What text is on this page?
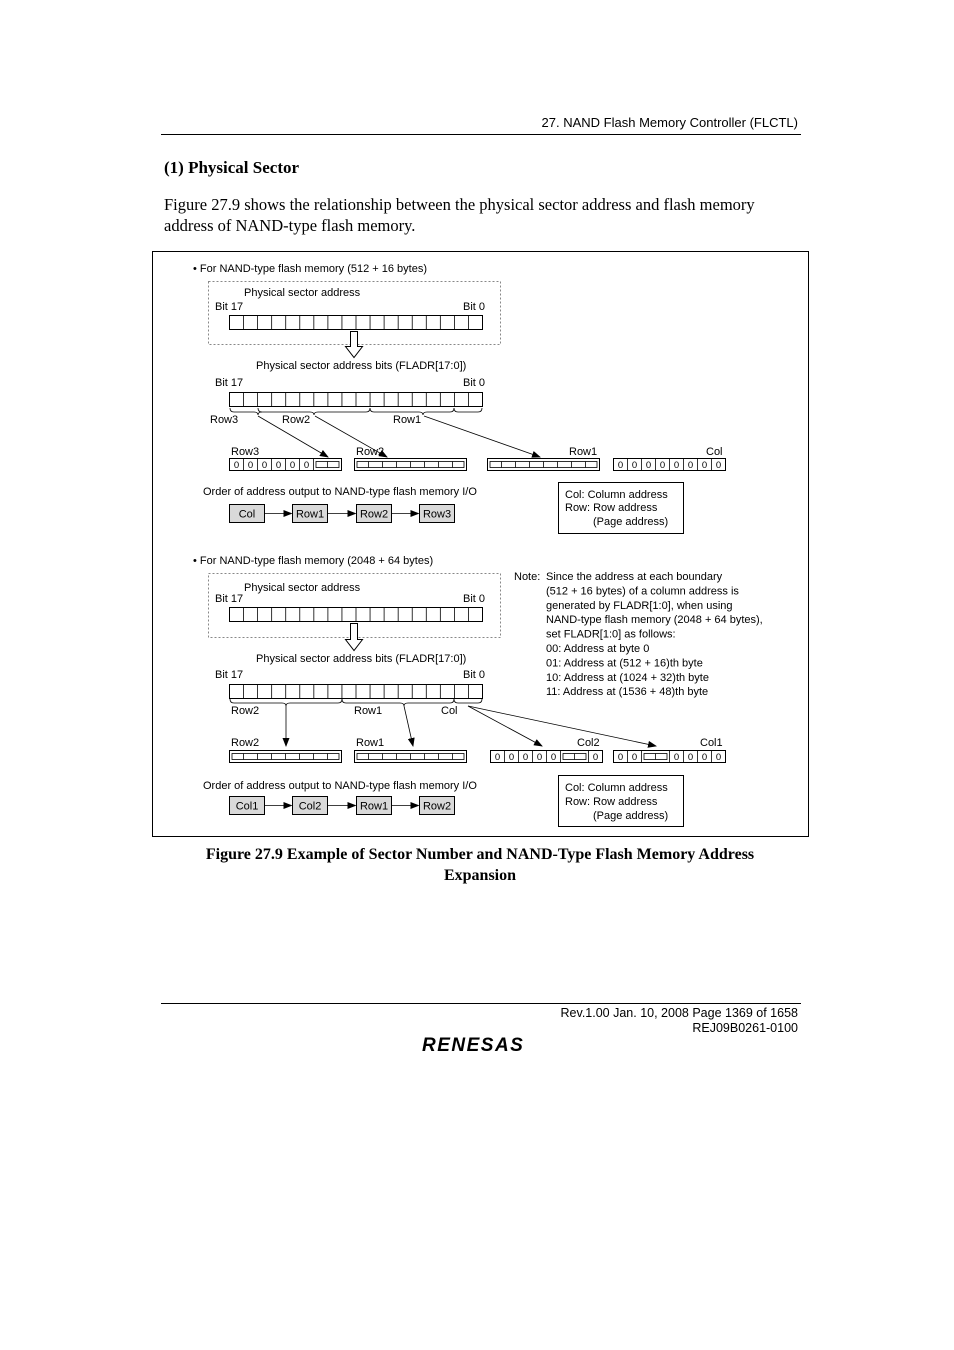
27. NAND Flash Memory Controller (FLCTL)
(1) Physical Sector
Figure 27.9 shows the relationship between the physical sector address and flash memory address of NAND-type flash memory.
• For NAND-type flash memory (512 + 16 bytes)
Physical sector address
Bit 17	Bit 0
Physical sector address bits (FLADR[17:0])
Bit 17	Bit 0
Row3	Row2	Row1
Row3	Row2	Row1	Col
0 0 0 0 0 0	0 0 0 0 0 0 0 0
Order of address output to NAND-type flash memory I/O
Col	Row1	Row2	Row3
Col: Column address
Row: Row address
(Page address)
• For NAND-type flash memory (2048 + 64 bytes)
Physical sector address
Bit 17	Bit 0
Physical sector address bits (FLADR[17:0])
Bit 17	Bit 0
Row2	Row1	Col
Row2	Row1	Col2	Col1
0 0 0 0 0	0 0 0	0 0 0 0
Order of address output to NAND-type flash memory I/O
Col1	Col2	Row1	Row2
Col: Column address
Row: Row address
(Page address)
Note: Since the address at each boundary
(512 + 16 bytes) of a column address is
generated by FLADR[1:0], when using
NAND-type flash memory (2048 + 64 bytes),
set FLADR[1:0] as follows:
00: Address at byte 0
01: Address at (512 + 16)th byte
10: Address at (1024 + 32)th byte
11: Address at (1536 + 48)th byte
Figure 27.9 Example of Sector Number and NAND-Type Flash Memory Address
Expansion
Rev.1.00 Jan. 10, 2008 Page 1369 of 1658
REJ09B0261-0100
RENESAS
